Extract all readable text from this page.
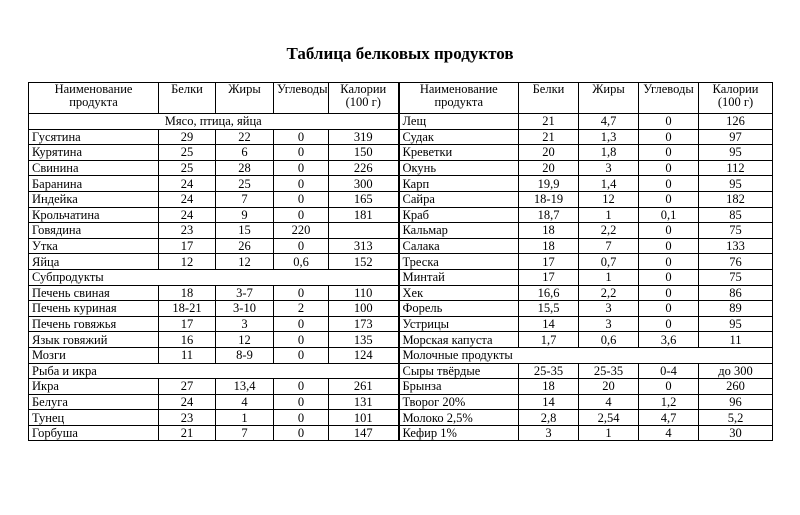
Таблица белковых продуктов
Наименование продукта	Белки	Жиры	Углеводы	Калории (100 г)	Наименование продукта	Белки	Жиры	Углеводы	Калории (100 г)
Мясо, птица, яйца					Лещ	21	4,7	0	126
Гусятина	29	22	0	319	Судак	21	1,3	0	97
Курятина	25	6	0	150	Креветки	20	1,8	0	95
Свинина	25	28	0	226	Окунь	20	3	0	112
Баранина	24	25	0	300	Карп	19,9	1,4	0	95
Индейка	24	7	0	165	Сайра	18-19	12	0	182
Крольчатина	24	9	0	181	Краб	18,7	1	0,1	85
Говядина	23	15	220		Кальмар	18	2,2	0	75
Утка	17	26	0	313	Салака	18	7	0	133
Яйца	12	12	0,6	152	Треска	17	0,7	0	76
Субпродукты					Минтай	17	1	0	75
Печень свиная	18	3-7	0	110	Хек	16,6	2,2	0	86
Печень куриная	18-21	3-10	2	100	Форель	15,5	3	0	89
Печень говяжья	17	3	0	173	Устрицы	14	3	0	95
Язык говяжий	16	12	0	135	Морская капуста	1,7	0,6	3,6	11
Мозги	11	8-9	0	124	Молочные продукты				
Рыба и икра					Сыры твёрдые	25-35	25-35	0-4	до 300
Икра	27	13,4	0	261	Брынза	18	20	0	260
Белуга	24	4	0	131	Творог 20%	14	4	1,2	96
Тунец	23	1	0	101	Молоко 2,5%	2,8	2,54	4,7	5,2
Горбуша	21	7	0	147	Кефир 1%	3	1	4	30
